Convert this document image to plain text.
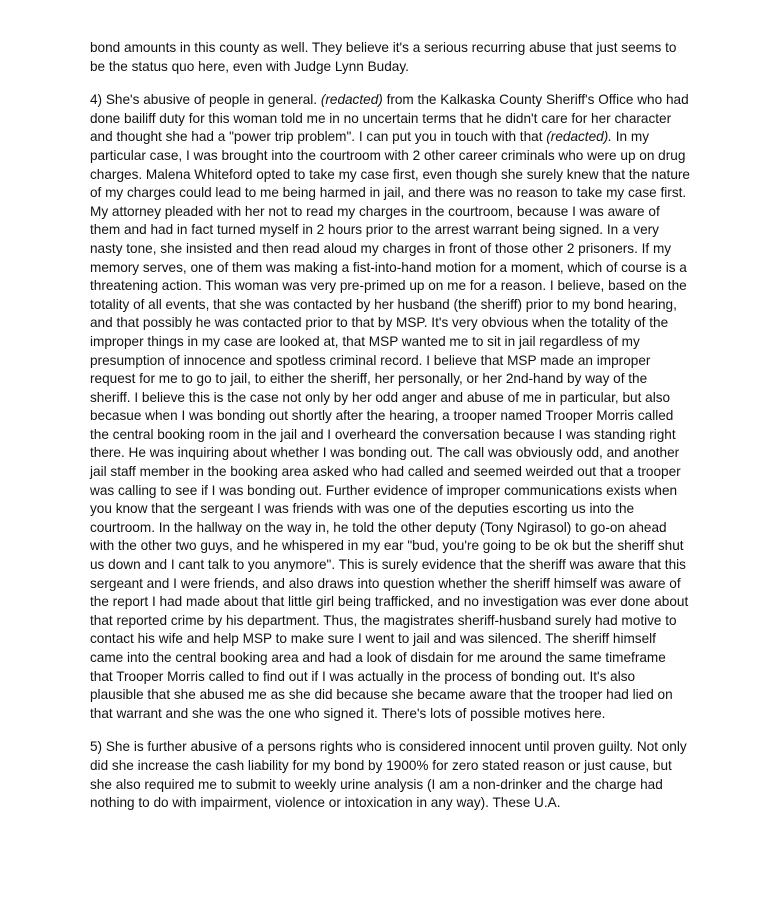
bond amounts in this county as well. They believe it's a serious recurring abuse that just seems to be the status quo here, even with Judge Lynn Buday.

4) She's abusive of people in general. (redacted) from the Kalkaska County Sheriff's Office who had done bailiff duty for this woman told me in no uncertain terms that he didn't care for her character and thought she had a "power trip problem". I can put you in touch with that (redacted). In my particular case, I was brought into the courtroom with 2 other career criminals who were up on drug charges. Malena Whiteford opted to take my case first, even though she surely knew that the nature of my charges could lead to me being harmed in jail, and there was no reason to take my case first. My attorney pleaded with her not to read my charges in the courtroom, because I was aware of them and had in fact turned myself in 2 hours prior to the arrest warrant being signed. In a very nasty tone, she insisted and then read aloud my charges in front of those other 2 prisoners. If my memory serves, one of them was making a fist-into-hand motion for a moment, which of course is a threatening action. This woman was very pre-primed up on me for a reason. I believe, based on the totality of all events, that she was contacted by her husband (the sheriff) prior to my bond hearing, and that possibly he was contacted prior to that by MSP. It's very obvious when the totality of the improper things in my case are looked at, that MSP wanted me to sit in jail regardless of my presumption of innocence and spotless criminal record. I believe that MSP made an improper request for me to go to jail, to either the sheriff, her personally, or her 2nd-hand by way of the sheriff. I believe this is the case not only by her odd anger and abuse of me in particular, but also becasue when I was bonding out shortly after the hearing, a trooper named Trooper Morris called the central booking room in the jail and I overheard the conversation because I was standing right there. He was inquiring about whether I was bonding out. The call was obviously odd, and another jail staff member in the booking area asked who had called and seemed weirded out that a trooper was calling to see if I was bonding out. Further evidence of improper communications exists when you know that the sergeant I was friends with was one of the deputies escorting us into the courtroom. In the hallway on the way in, he told the other deputy (Tony Ngirasol) to go-on ahead with the other two guys, and he whispered in my ear "bud, you're going to be ok but the sheriff shut us down and I cant talk to you anymore". This is surely evidence that the sheriff was aware that this sergeant and I were friends, and also draws into question whether the sheriff himself was aware of the report I had made about that little girl being trafficked, and no investigation was ever done about that reported crime by his department. Thus, the magistrates sheriff-husband surely had motive to contact his wife and help MSP to make sure I went to jail and was silenced. The sheriff himself came into the central booking area and had a look of disdain for me around the same timeframe that Trooper Morris called to find out if I was actually in the process of bonding out. It's also plausible that she abused me as she did because she became aware that the trooper had lied on that warrant and she was the one who signed it. There's lots of possible motives here.

5) She is further abusive of a persons rights who is considered innocent until proven guilty. Not only did she increase the cash liability for my bond by 1900% for zero stated reason or just cause, but she also required me to submit to weekly urine analysis (I am a non-drinker and the charge had nothing to do with impairment, violence or intoxication in any way). These U.A.
